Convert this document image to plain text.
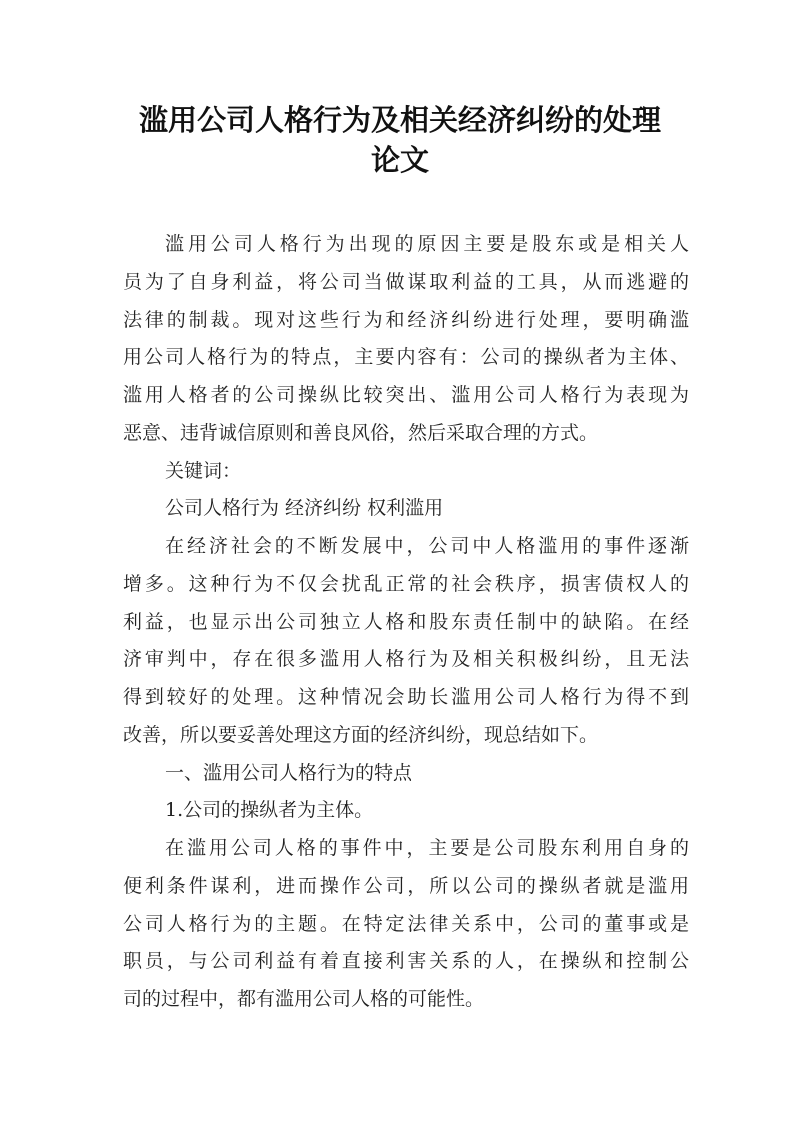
滥用公司人格行为及相关经济纠纷的处理
论文
滥用公司人格行为出现的原因主要是股东或是相关人
员为了自身利益，将公司当做谋取利益的工具，从而逃避的
法律的制裁。现对这些行为和经济纠纷进行处理，要明确滥
用公司人格行为的特点，主要内容有：公司的操纵者为主体、
滥用人格者的公司操纵比较突出、滥用公司人格行为表现为
恶意、违背诚信原则和善良风俗，然后采取合理的方式。
关键词：
公司人格行为 经济纠纷 权利滥用
在经济社会的不断发展中，公司中人格滥用的事件逐渐
增多。这种行为不仅会扰乱正常的社会秩序，损害债权人的
利益，也显示出公司独立人格和股东责任制中的缺陷。在经
济审判中，存在很多滥用人格行为及相关积极纠纷，且无法
得到较好的处理。这种情况会助长滥用公司人格行为得不到
改善，所以要妥善处理这方面的经济纠纷，现总结如下。
一、滥用公司人格行为的特点
1.公司的操纵者为主体。
在滥用公司人格的事件中，主要是公司股东利用自身的
便利条件谋利，进而操作公司，所以公司的操纵者就是滥用
公司人格行为的主题。在特定法律关系中，公司的董事或是
职员，与公司利益有着直接利害关系的人，在操纵和控制公
司的过程中，都有滥用公司人格的可能性。
